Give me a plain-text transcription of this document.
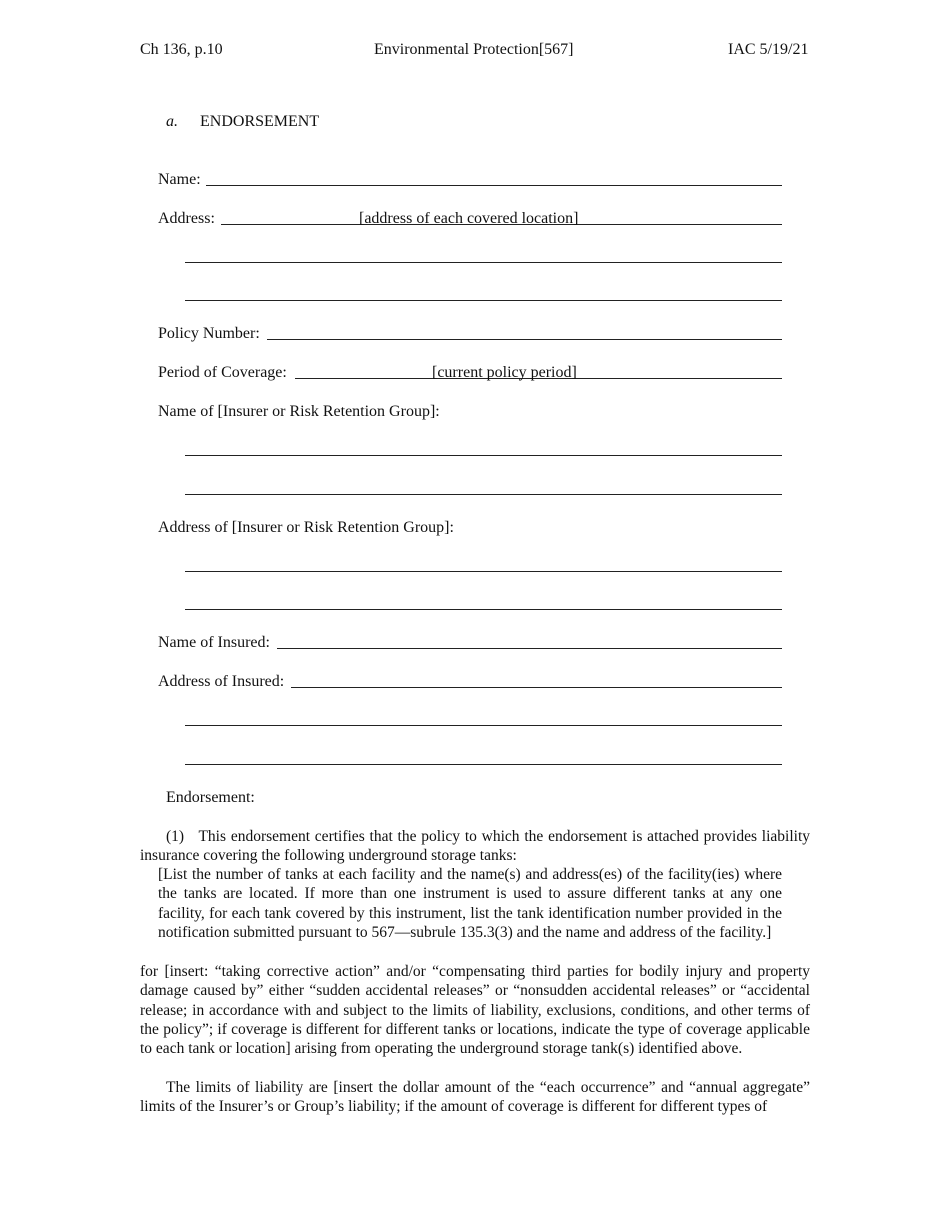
Ch 136, p.10	Environmental Protection[567]	IAC 5/19/21
a. ENDORSEMENT
Name:
Address:	[address of each covered location]
Policy Number:
Period of Coverage:	[current policy period]
Name of [Insurer or Risk Retention Group]:
Address of [Insurer or Risk Retention Group]:
Name of Insured:
Address of Insured:
Endorsement:
(1) This endorsement certifies that the policy to which the endorsement is attached provides liability insurance covering the following underground storage tanks:
[List the number of tanks at each facility and the name(s) and address(es) of the facility(ies) where the tanks are located. If more than one instrument is used to assure different tanks at any one facility, for each tank covered by this instrument, list the tank identification number provided in the notification submitted pursuant to 567—subrule 135.3(3) and the name and address of the facility.]
for [insert: “taking corrective action” and/or “compensating third parties for bodily injury and property damage caused by” either “sudden accidental releases” or “nonsudden accidental releases” or “accidental release; in accordance with and subject to the limits of liability, exclusions, conditions, and other terms of the policy”; if coverage is different for different tanks or locations, indicate the type of coverage applicable to each tank or location] arising from operating the underground storage tank(s) identified above.
The limits of liability are [insert the dollar amount of the “each occurrence” and “annual aggregate” limits of the Insurer’s or Group’s liability; if the amount of coverage is different for different types of
